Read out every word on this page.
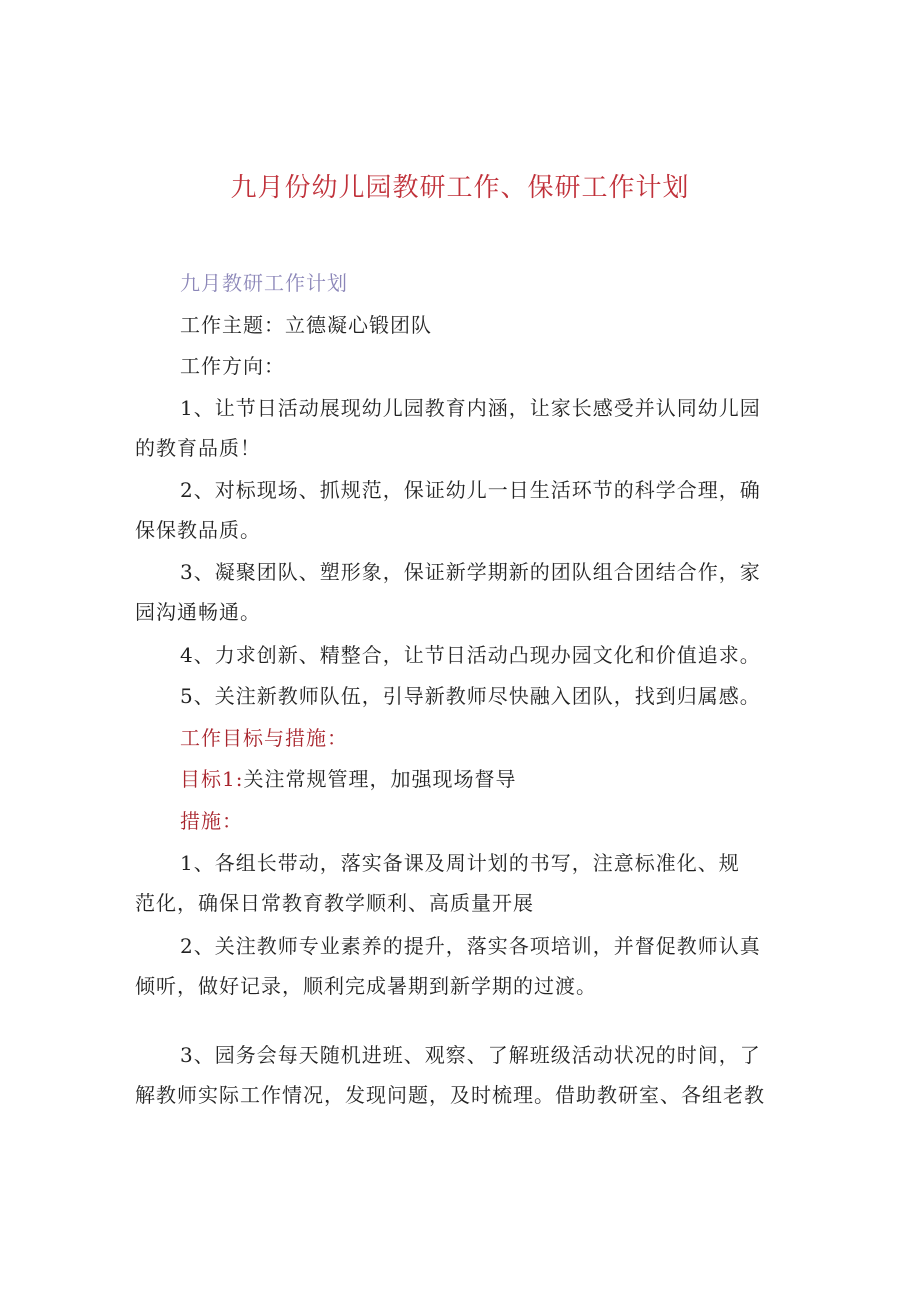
九月份幼儿园教研工作、保研工作计划
九月教研工作计划
工作主题：立德凝心锻团队
工作方向：
1、让节日活动展现幼儿园教育内涵，让家长感受并认同幼儿园
的教育品质！
2、对标现场、抓规范，保证幼儿一日生活环节的科学合理，确
保保教品质。
3、凝聚团队、塑形象，保证新学期新的团队组合团结合作，家
园沟通畅通。
4、力求创新、精整合，让节日活动凸现办园文化和价值追求。
5、关注新教师队伍，引导新教师尽快融入团队，找到归属感。
工作目标与措施：
目标1:关注常规管理，加强现场督导
措施：
1、各组长带动，落实备课及周计划的书写，注意标准化、规
范化，确保日常教育教学顺利、高质量开展
2、关注教师专业素养的提升，落实各项培训，并督促教师认真
倾听，做好记录，顺利完成暑期到新学期的过渡。
3、园务会每天随机进班、观察、了解班级活动状况的时间，了
解教师实际工作情况，发现问题，及时梳理。借助教研室、各组老教
